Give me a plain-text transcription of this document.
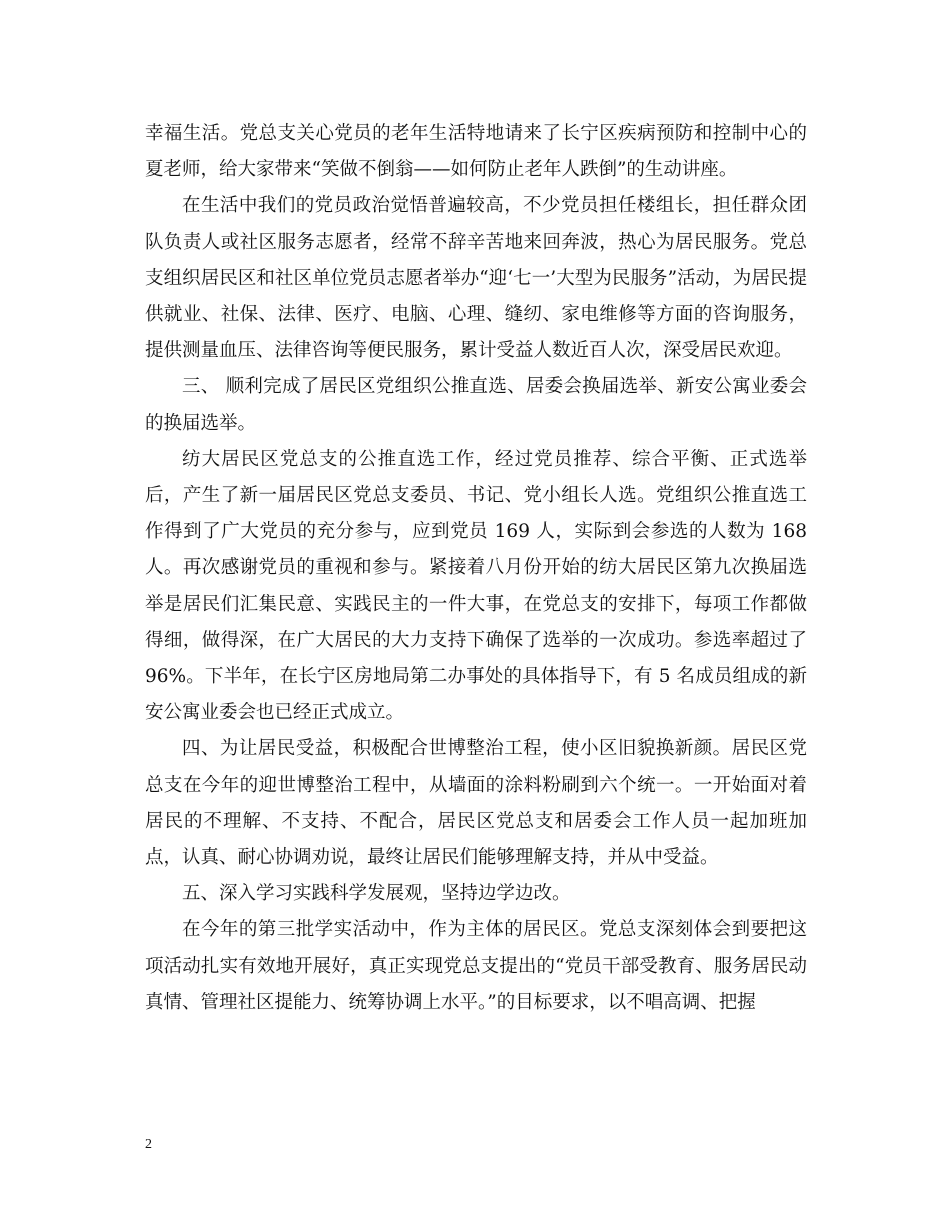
幸福生活。党总支关心党员的老年生活特地请来了长宁区疾病预防和控制中心的夏老师，给大家带来“笑做不倒翁——如何防止老年人跌倒”的生动讲座。

在生活中我们的党员政治觉悟普遍较高，不少党员担任楼组长，担任群众团队负责人或社区服务志愿者，经常不辞辛苦地来回奔波，热心为居民服务。党总支组织居民区和社区单位党员志愿者举办“迎‘七一’大型为民服务”活动，为居民提供就业、社保、法律、医疗、电脑、心理、缝纫、家电维修等方面的咨询服务，提供测量血压、法律咨询等便民服务，累计受益人数近百人次，深受居民欢迎。

三、 顺利完成了居民区党组织公推直选、居委会换届选举、新安公寓业委会的换届选举。

纺大居民区党总支的公推直选工作，经过党员推荐、综合平衡、正式选举后，产生了新一届居民区党总支委员、书记、党小组长人选。党组织公推直选工作得到了广大党员的充分参与，应到党员 169 人，实际到会参选的人数为 168 人。再次感谢党员的重视和参与。紧接着八月份开始的纺大居民区第九次换届选举是居民们汇集民意、实践民主的一件大事，在党总支的安排下，每项工作都做得细，做得深，在广大居民的大力支持下确保了选举的一次成功。参选率超过了 96%。下半年，在长宁区房地局第二办事处的具体指导下，有 5 名成员组成的新安公寓业委会也已经正式成立。

四、为让居民受益，积极配合世博整治工程，使小区旧貌换新颜。居民区党总支在今年的迎世博整治工程中，从墙面的涂料粉刷到六个统一。一开始面对着居民的不理解、不支持、不配合，居民区党总支和居委会工作人员一起加班加点，认真、耐心协调劝说，最终让居民们能够理解支持，并从中受益。

五、深入学习实践科学发展观，坚持边学边改。

在今年的第三批学实活动中，作为主体的居民区。党总支深刻体会到要把这项活动扎实有效地开展好，真正实现党总支提出的“党员干部受教育、服务居民动真情、管理社区提能力、统筹协调上水平。”的目标要求，以不唱高调、把握

2
